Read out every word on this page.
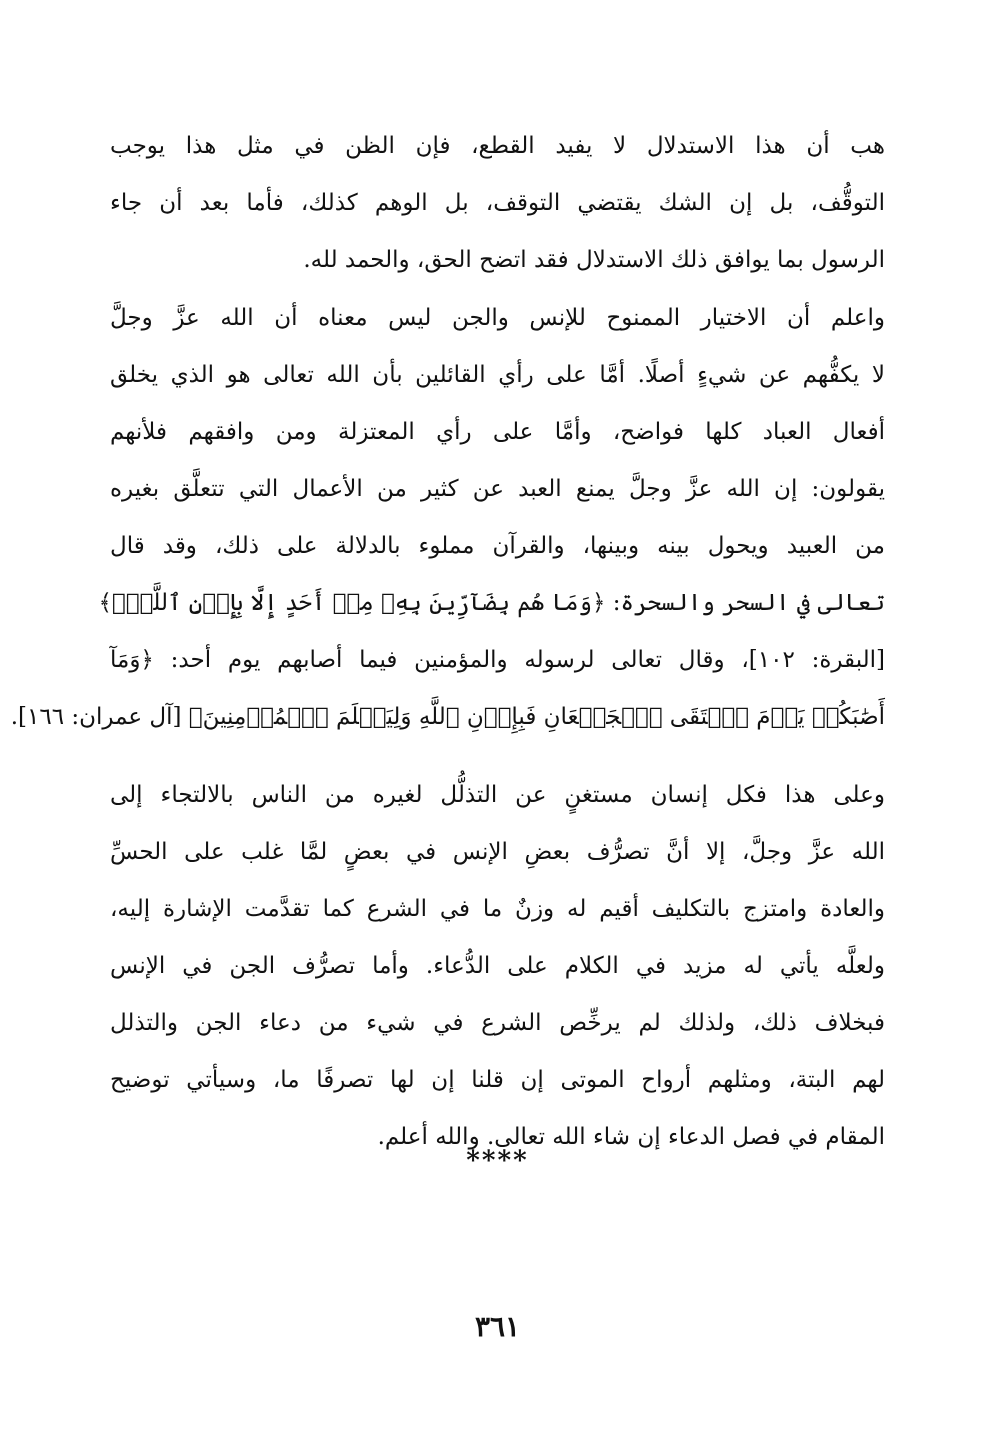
هب أن هذا الاستدلال لا يفيد القطع، فإن الظن في مثل هذا يوجب
التوقُّف، بل إن الشك يقتضي التوقف، بل الوهم كذلك، فأما بعد أن جاء
الرسول بما يوافق ذلك الاستدلال فقد اتضح الحق، والحمد لله.
واعلم أن الاختيار الممنوح للإنس والجن ليس معناه أن الله عزَّ وجلَّ
لا يكفُّهم عن شيءٍ أصلًا. أمَّا على رأي القائلين بأن الله تعالى هو الذي يخلق
أفعال العباد كلها فواضح، وأمَّا على رأي المعتزلة ومن وافقهم فلأنهم
يقولون: إن الله عزَّ وجلَّ يمنع العبد عن كثير من الأعمال التي تتعلَّق بغيره
من العبيد ويحول بينه وبينها، والقرآن مملوء بالدلالة على ذلك، وقد قال
تعالى في السحر والسحرة: ﴿وَمَا هُم بِضَآرِّينَ بِهِۦ مِنۡ أَحَدٍ إِلَّا بِإِذۡنِ ٱللَّهِۚ﴾
[البقرة: ١٠٢]، وقال تعالى لرسوله والمؤمنين فيما أصابهم يوم أحد: ﴿وَمَآ
أَصَٰبَكُمۡ يَوۡمَ ٱلۡتَقَى ٱلۡجَمۡعَانِ فَبِإِذۡنِ ٱللَّهِ وَلِيَعۡلَمَ ٱلۡمُؤۡمِنِينَ﴾ [آل عمران: ١٦٦].
وعلى هذا فكل إنسان مستغنٍ عن التذلُّل لغيره من الناس بالالتجاء إلى
الله عزَّ وجلَّ، إلا أنَّ تصرُّف بعضِ الإنس في بعضٍ لمَّا غلب على الحسِّ
والعادة وامتزج بالتكليف أقيم له وزنٌ ما في الشرع كما تقدَّمت الإشارة إليه،
ولعلَّه يأتي له مزيد في الكلام على الدُّعاء. وأما تصرُّف الجن في الإنس
فبخلاف ذلك، ولذلك لم يرخِّص الشرع في شيء من دعاء الجن والتذلل
لهم البتة، ومثلهم أرواح الموتى إن قلنا إن لها تصرفًا ما، وسيأتي توضيح
المقام في فصل الدعاء إن شاء الله تعالى. والله أعلم.
****
٣٦١
